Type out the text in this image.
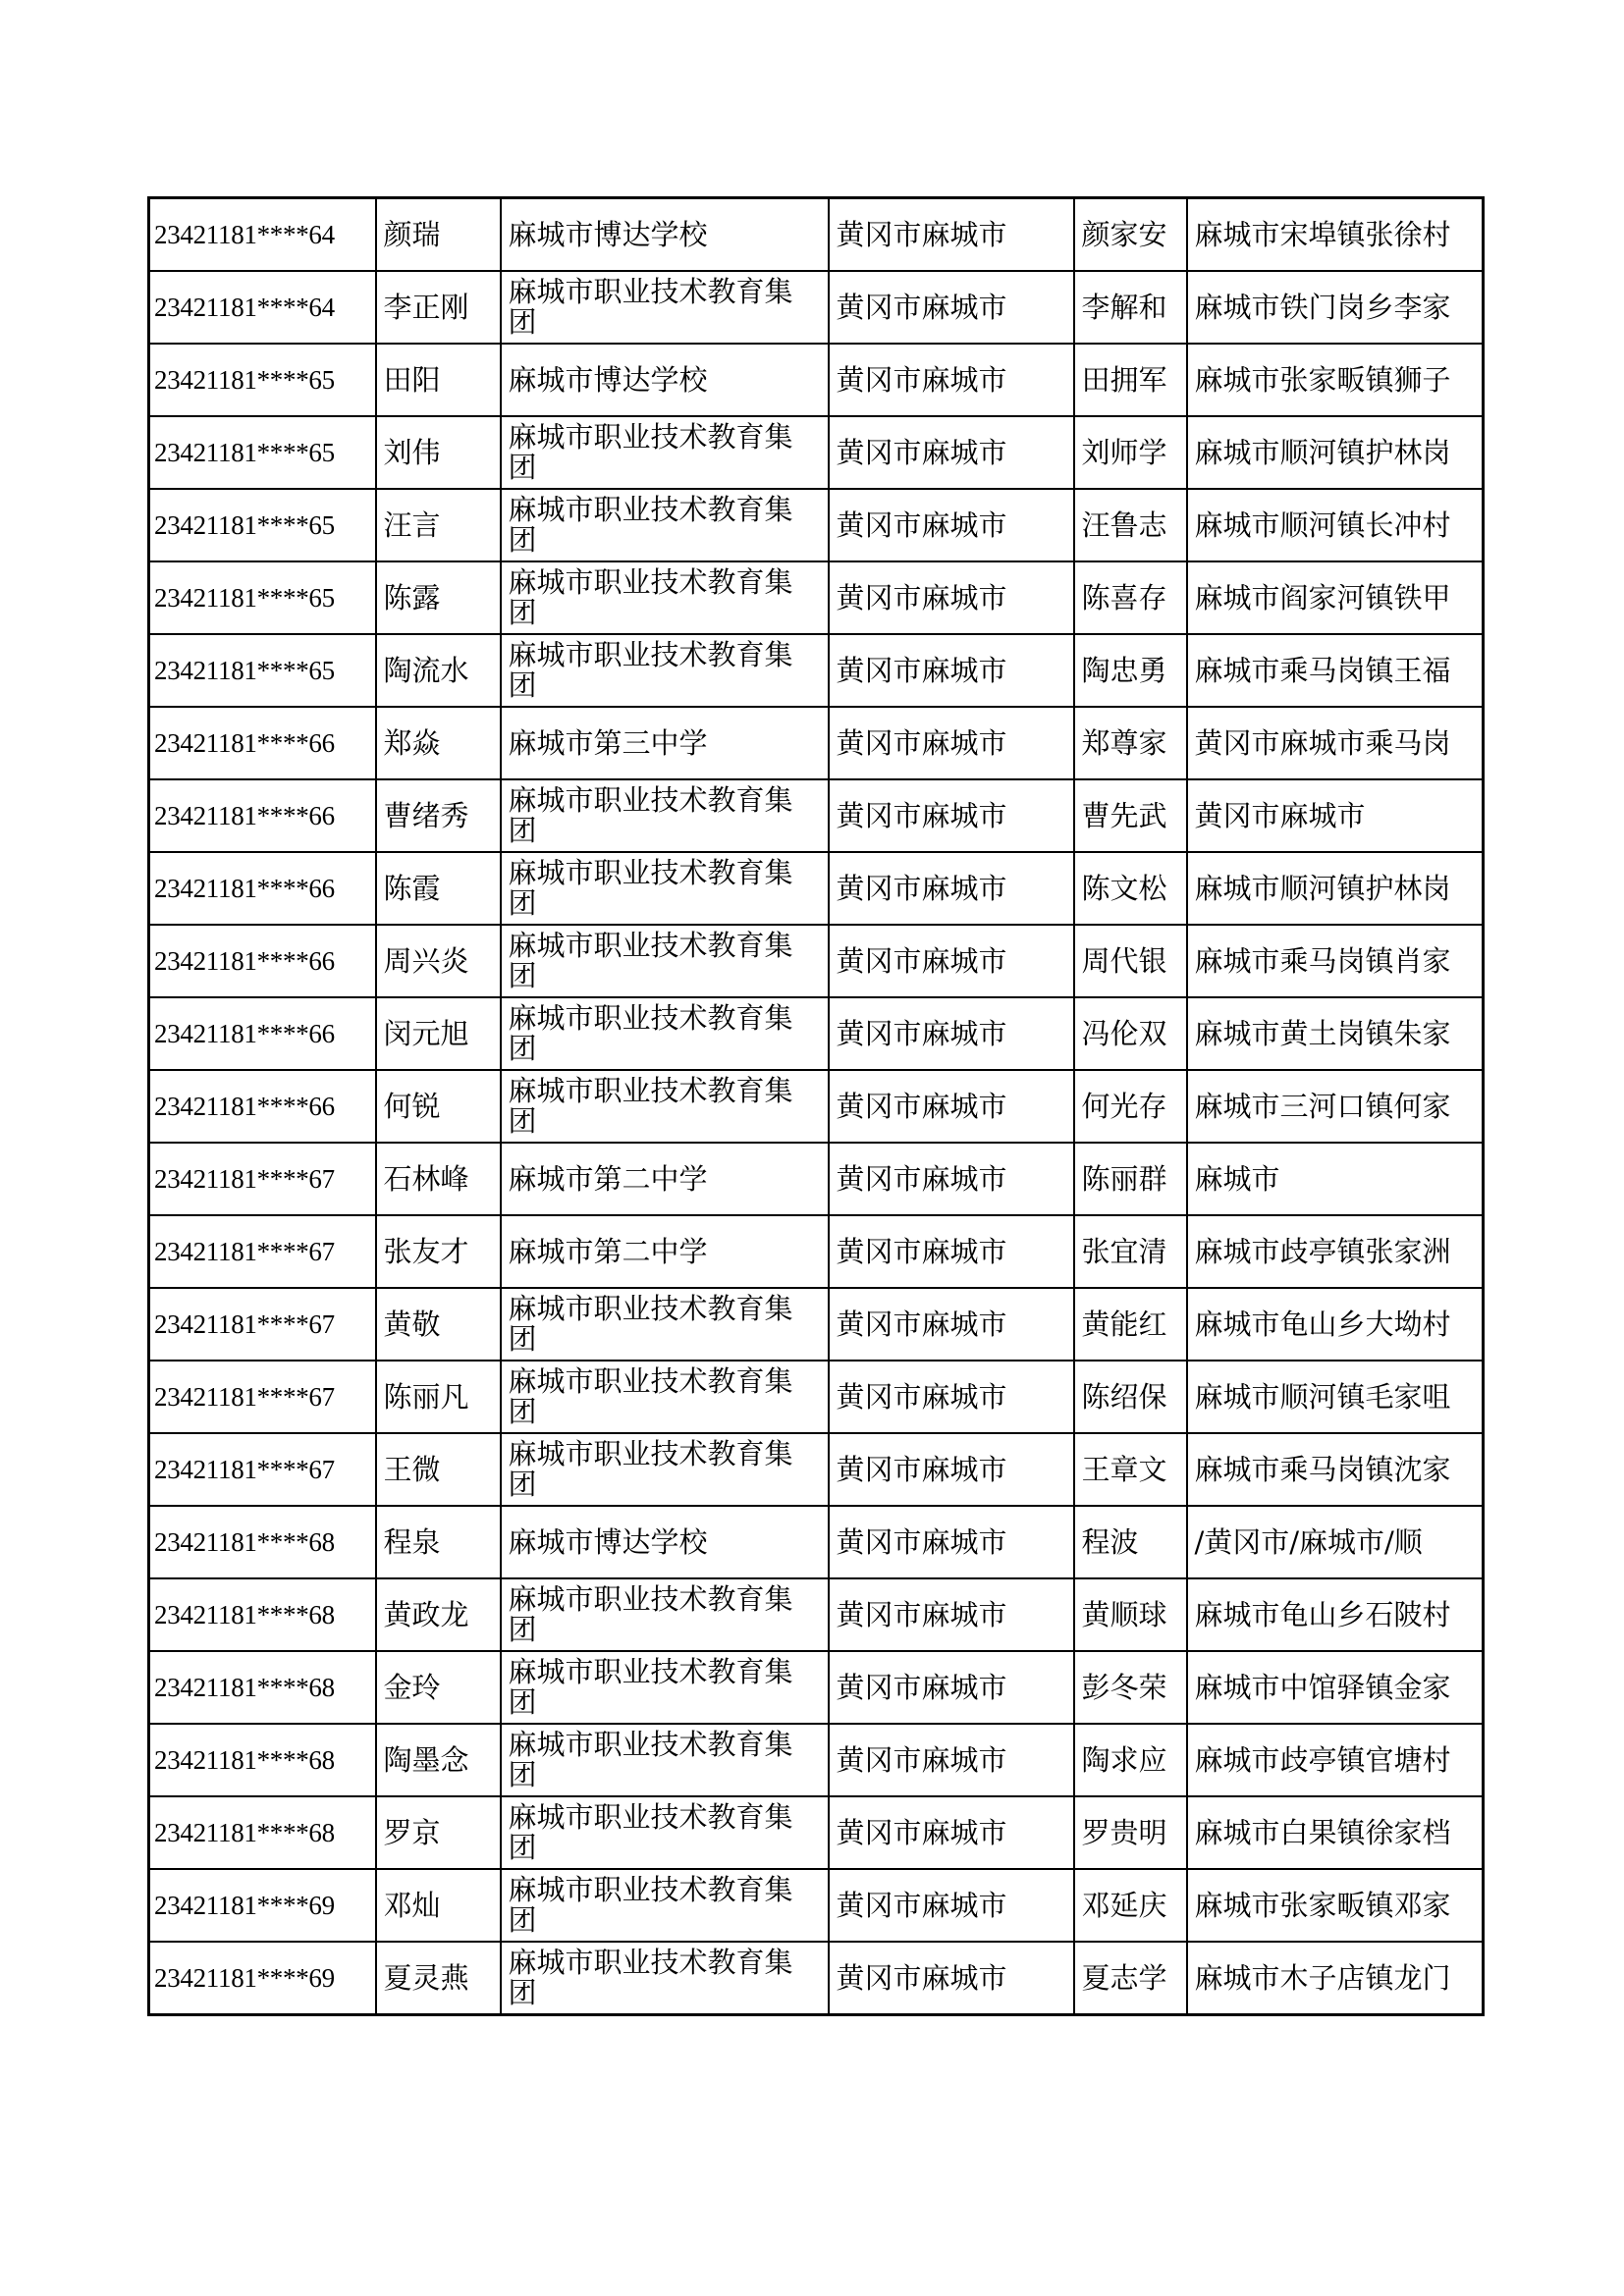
23421181****64	颜瑞	麻城市博达学校	黄冈市麻城市	颜家安	麻城市宋埠镇张徐村
23421181****64	李正刚	麻城市职业技术教育集团	黄冈市麻城市	李解和	麻城市铁门岗乡李家
23421181****65	田阳	麻城市博达学校	黄冈市麻城市	田拥军	麻城市张家畈镇狮子
23421181****65	刘伟	麻城市职业技术教育集团	黄冈市麻城市	刘师学	麻城市顺河镇护林岗
23421181****65	汪言	麻城市职业技术教育集团	黄冈市麻城市	汪鲁志	麻城市顺河镇长冲村
23421181****65	陈露	麻城市职业技术教育集团	黄冈市麻城市	陈喜存	麻城市阎家河镇铁甲
23421181****65	陶流水	麻城市职业技术教育集团	黄冈市麻城市	陶忠勇	麻城市乘马岗镇王福
23421181****66	郑焱	麻城市第三中学	黄冈市麻城市	郑尊家	黄冈市麻城市乘马岗
23421181****66	曹绪秀	麻城市职业技术教育集团	黄冈市麻城市	曹先武	黄冈市麻城市
23421181****66	陈霞	麻城市职业技术教育集团	黄冈市麻城市	陈文松	麻城市顺河镇护林岗
23421181****66	周兴炎	麻城市职业技术教育集团	黄冈市麻城市	周代银	麻城市乘马岗镇肖家
23421181****66	闵元旭	麻城市职业技术教育集团	黄冈市麻城市	冯伦双	麻城市黄土岗镇朱家
23421181****66	何锐	麻城市职业技术教育集团	黄冈市麻城市	何光存	麻城市三河口镇何家
23421181****67	石林峰	麻城市第二中学	黄冈市麻城市	陈丽群	麻城市
23421181****67	张友才	麻城市第二中学	黄冈市麻城市	张宜清	麻城市歧亭镇张家洲
23421181****67	黄敬	麻城市职业技术教育集团	黄冈市麻城市	黄能红	麻城市龟山乡大坳村
23421181****67	陈丽凡	麻城市职业技术教育集团	黄冈市麻城市	陈绍保	麻城市顺河镇毛家咀
23421181****67	王微	麻城市职业技术教育集团	黄冈市麻城市	王章文	麻城市乘马岗镇沈家
23421181****68	程泉	麻城市博达学校	黄冈市麻城市	程波	/黄冈市/麻城市/顺
23421181****68	黄政龙	麻城市职业技术教育集团	黄冈市麻城市	黄顺球	麻城市龟山乡石陂村
23421181****68	金玲	麻城市职业技术教育集团	黄冈市麻城市	彭冬荣	麻城市中馆驿镇金家
23421181****68	陶墨念	麻城市职业技术教育集团	黄冈市麻城市	陶求应	麻城市歧亭镇官塘村
23421181****68	罗京	麻城市职业技术教育集团	黄冈市麻城市	罗贵明	麻城市白果镇徐家档
23421181****69	邓灿	麻城市职业技术教育集团	黄冈市麻城市	邓延庆	麻城市张家畈镇邓家
23421181****69	夏灵燕	麻城市职业技术教育集团	黄冈市麻城市	夏志学	麻城市木子店镇龙门
